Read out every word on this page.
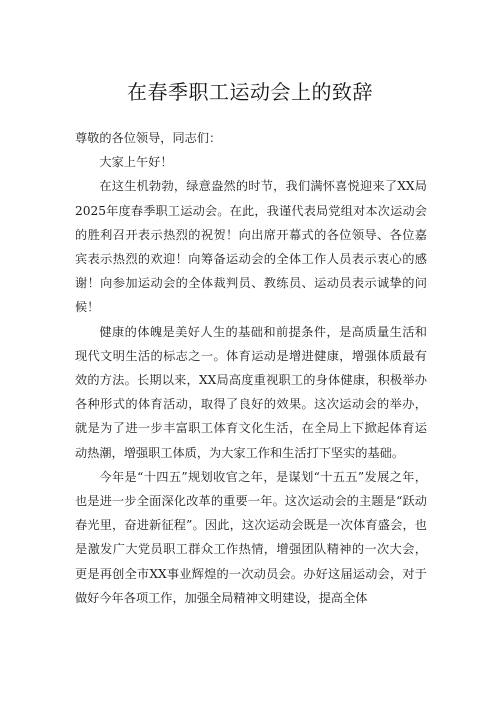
在春季职工运动会上的致辞

尊敬的各位领导，同志们：

大家上午好！

在这生机勃勃，绿意盎然的时节，我们满怀喜悦迎来了XX局2025年度春季职工运动会。在此，我谨代表局党组对本次运动会的胜利召开表示热烈的祝贺！向出席开幕式的各位领导、各位嘉宾表示热烈的欢迎！向筹备运动会的全体工作人员表示衷心的感谢！向参加运动会的全体裁判员、教练员、运动员表示诚挚的问候！

健康的体魄是美好人生的基础和前提条件，是高质量生活和现代文明生活的标志之一。体育运动是增进健康，增强体质最有效的方法。长期以来，XX局高度重视职工的身体健康，积极举办各种形式的体育活动，取得了良好的效果。这次运动会的举办，就是为了进一步丰富职工体育文化生活，在全局上下掀起体育运动热潮，增强职工体质，为大家工作和生活打下坚实的基础。

今年是“十四五”规划收官之年，是谋划“十五五”发展之年，也是进一步全面深化改革的重要一年。这次运动会的主题是“跃动春光里，奋进新征程”。因此，这次运动会既是一次体育盛会，也是激发广大党员职工群众工作热情，增强团队精神的一次大会，更是再创全市XX事业辉煌的一次动员会。办好这届运动会，对于做好今年各项工作，加强全局精神文明建设，提高全体
